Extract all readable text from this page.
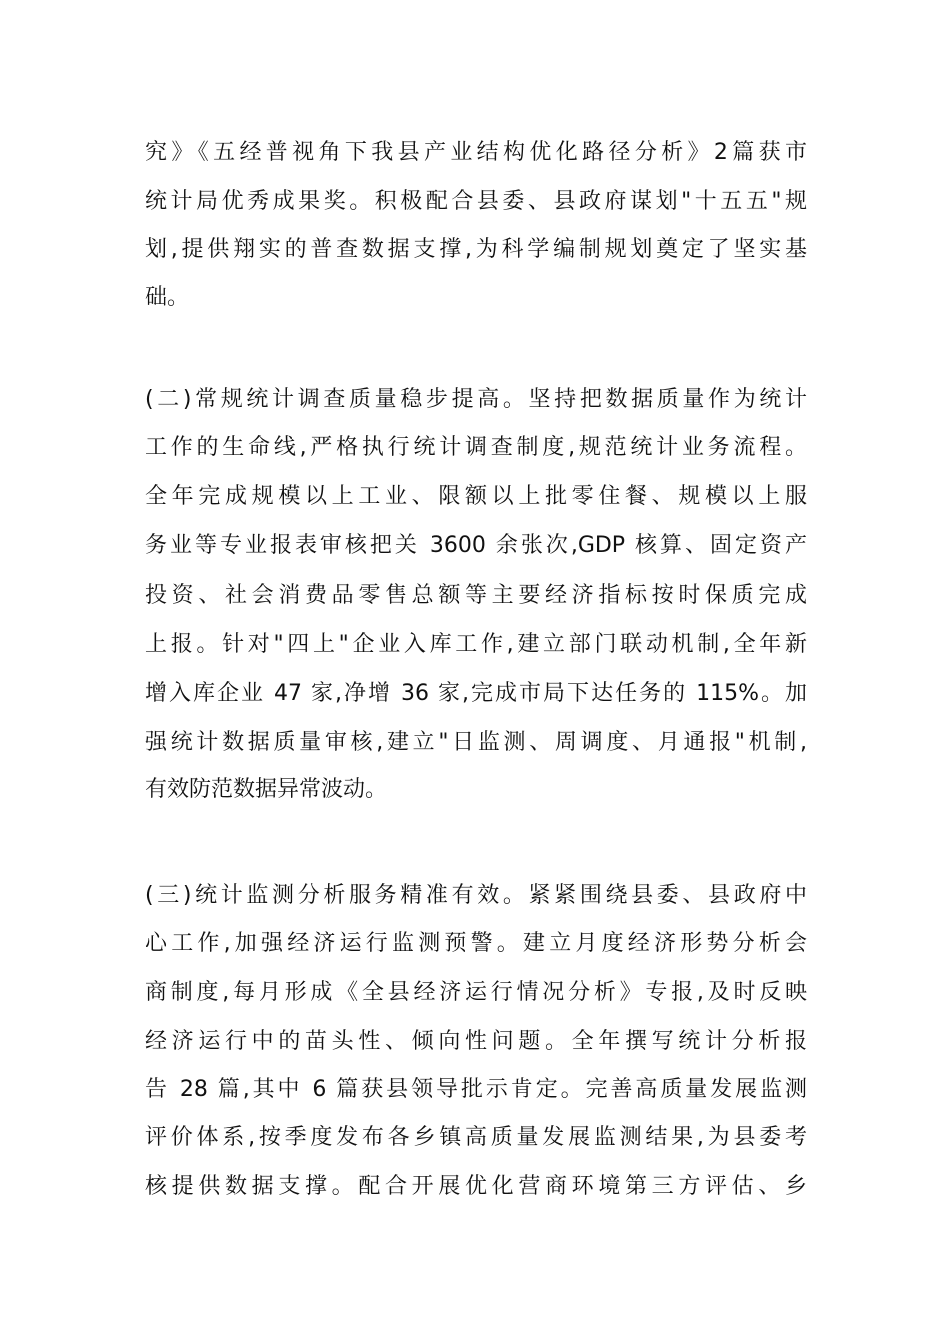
究》《五经普视角下我县产业结构优化路径分析》2篇获市
统计局优秀成果奖。积极配合县委、县政府谋划"十五五"规
划,提供翔实的普查数据支撑,为科学编制规划奠定了坚实基
础。
(二)常规统计调查质量稳步提高。坚持把数据质量作为统计
工作的生命线,严格执行统计调查制度,规范统计业务流程。
全年完成规模以上工业、限额以上批零住餐、规模以上服
务业等专业报表审核把关 3600 余张次,GDP 核算、固定资产
投资、社会消费品零售总额等主要经济指标按时保质完成
上报。针对"四上"企业入库工作,建立部门联动机制,全年新
增入库企业 47 家,净增 36 家,完成市局下达任务的 115%。加
强统计数据质量审核,建立"日监测、周调度、月通报"机制,
有效防范数据异常波动。
(三)统计监测分析服务精准有效。紧紧围绕县委、县政府中
心工作,加强经济运行监测预警。建立月度经济形势分析会
商制度,每月形成《全县经济运行情况分析》专报,及时反映
经济运行中的苗头性、倾向性问题。全年撰写统计分析报
告 28 篇,其中 6 篇获县领导批示肯定。完善高质量发展监测
评价体系,按季度发布各乡镇高质量发展监测结果,为县委考
核提供数据支撑。配合开展优化营商环境第三方评估、乡
